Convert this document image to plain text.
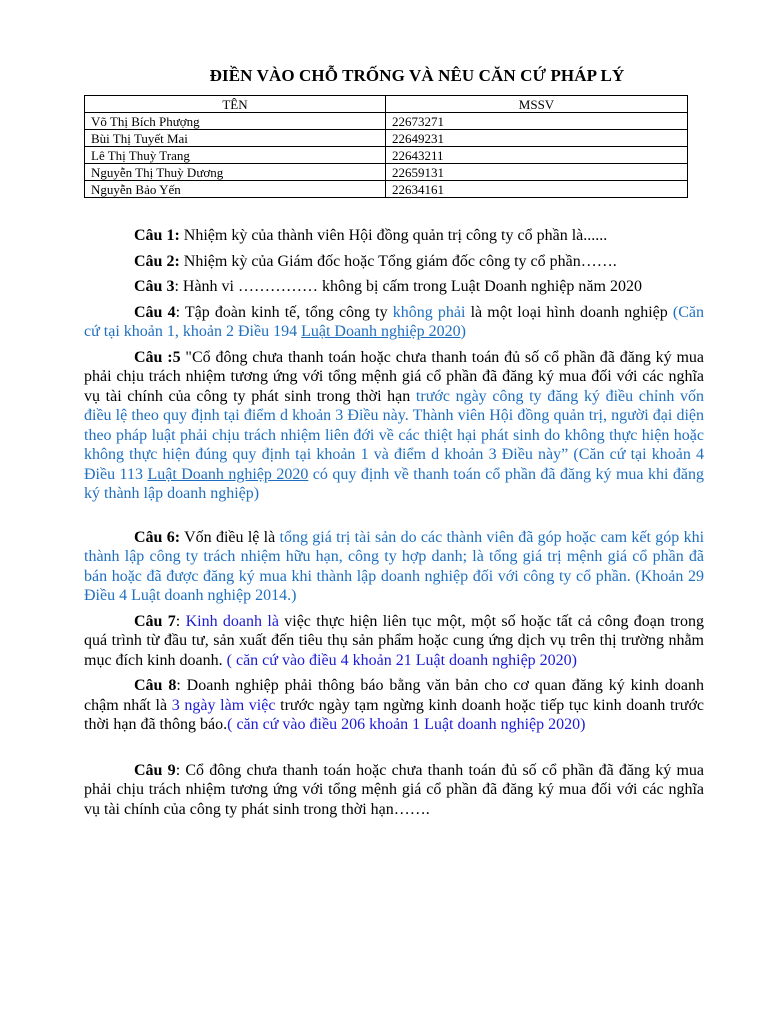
ĐIỀN VÀO CHỖ TRỐNG VÀ NÊU CĂN CỨ PHÁP LÝ
TÊN	MSSV
Võ Thị Bích Phượng	22673271
Bùi Thị Tuyết Mai	22649231
Lê Thị Thuỳ Trang	22643211
Nguyễn Thị Thuỳ Dương	22659131
Nguyễn Bảo Yến	22634161

Câu 1: Nhiệm kỳ của thành viên Hội đồng quản trị công ty cổ phần là......

Câu 2: Nhiệm kỳ của Giám đốc hoặc Tổng giám đốc công ty cổ phần…….

Câu 3: Hành vi …………… không bị cấm trong Luật Doanh nghiệp năm 2020

Câu 4: Tập đoàn kinh tế, tổng công ty không phải là một loại hình doanh nghiệp (Căn cứ tại khoản 1, khoản 2 Điều 194 Luật Doanh nghiệp 2020)

Câu :5 "Cổ đông chưa thanh toán hoặc chưa thanh toán đủ số cổ phần đã đăng ký mua phải chịu trách nhiệm tương ứng với tổng mệnh giá cổ phần đã đăng ký mua đối với các nghĩa vụ tài chính của công ty phát sinh trong thời hạn trước ngày công ty đăng ký điều chỉnh vốn điều lệ theo quy định tại điểm d khoản 3 Điều này. Thành viên Hội đồng quản trị, người đại diện theo pháp luật phải chịu trách nhiệm liên đới về các thiệt hại phát sinh do không thực hiện hoặc không thực hiện đúng quy định tại khoản 1 và điểm d khoản 3 Điều này” (Căn cứ tại khoản 4 Điều 113 Luật Doanh nghiệp 2020 có quy định về thanh toán cổ phần đã đăng ký mua khi đăng ký thành lập doanh nghiệp)

Câu 6: Vốn điều lệ là tổng giá trị tài sản do các thành viên đã góp hoặc cam kết góp khi thành lập công ty trách nhiệm hữu hạn, công ty hợp danh; là tổng giá trị mệnh giá cổ phần đã bán hoặc đã được đăng ký mua khi thành lập doanh nghiệp đối với công ty cổ phần. (Khoản 29 Điều 4 Luật doanh nghiệp 2014.)

Câu 7: Kinh doanh là việc thực hiện liên tục một, một số hoặc tất cả công đoạn trong quá trình từ đầu tư, sản xuất đến tiêu thụ sản phẩm hoặc cung ứng dịch vụ trên thị trường nhằm mục đích kinh doanh. ( căn cứ vào điều 4 khoản 21 Luật doanh nghiệp 2020)

Câu 8: Doanh nghiệp phải thông báo bằng văn bản cho cơ quan đăng ký kinh doanh chậm nhất là 3 ngày làm việc trước ngày tạm ngừng kinh doanh hoặc tiếp tục kinh doanh trước thời hạn đã thông báo.( căn cứ vào điều 206 khoản 1 Luật doanh nghiệp 2020)

Câu 9: Cổ đông chưa thanh toán hoặc chưa thanh toán đủ số cổ phần đã đăng ký mua phải chịu trách nhiệm tương ứng với tổng mệnh giá cổ phần đã đăng ký mua đối với các nghĩa vụ tài chính của công ty phát sinh trong thời hạn…….
